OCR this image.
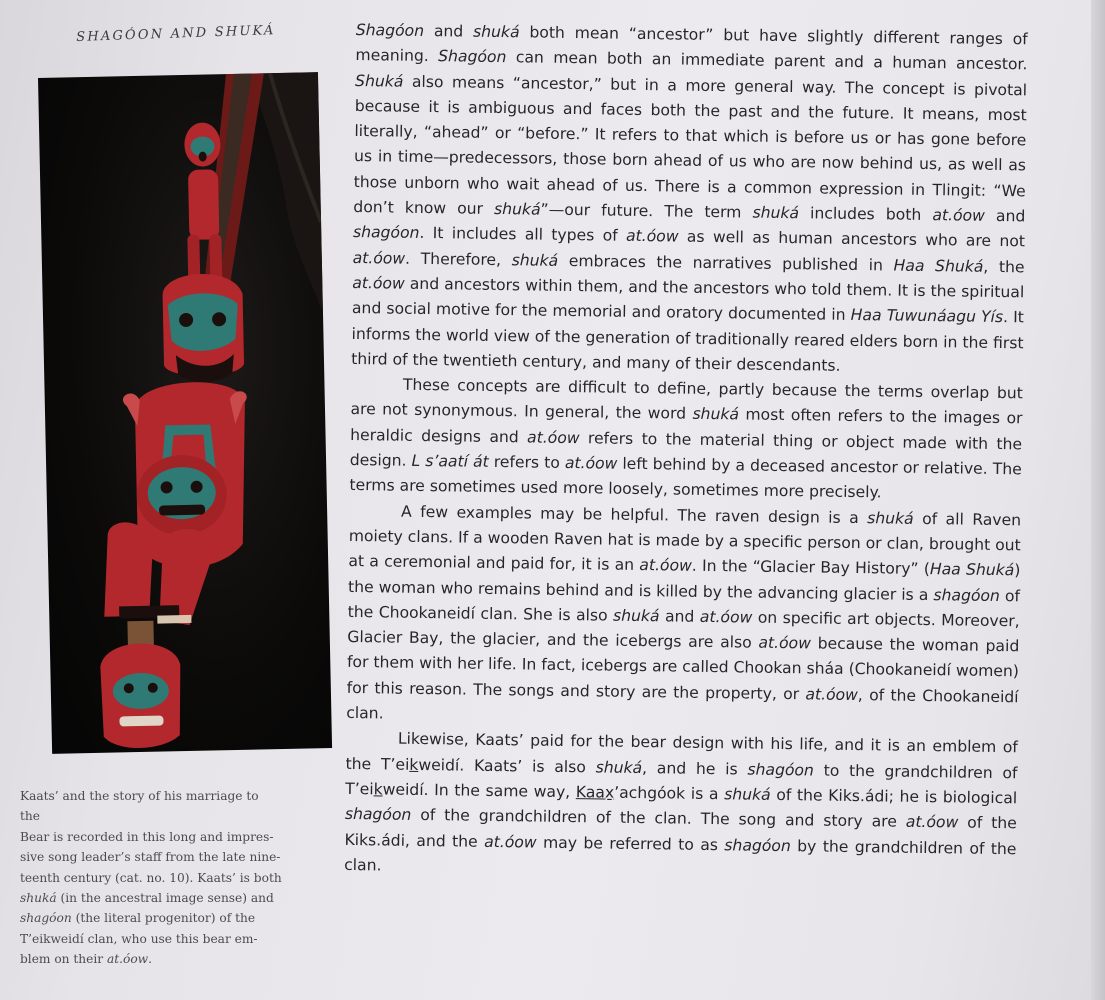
SHAGÓON AND SHUKÁ

Kaats’ and the story of his marriage to the

Bear is recorded in this long and impres-

sive song leader’s staff from the late nine-

teenth century (cat. no. 10). Kaats’ is both

shuká (in the ancestral image sense) and

shagóon (the literal progenitor) of the

T’eikweidí clan, who use this bear em-

blem on their at.óow.

Shagóon and shuká both mean “ancestor” but have slightly different ranges of meaning. Shagóon can mean both an immediate parent and a human ancestor. Shuká also means “ancestor,” but in a more general way. The concept is pivotal because it is ambiguous and faces both the past and the future. It means, most literally, “ahead” or “before.” It refers to that which is before us or has gone before us in time—predecessors, those born ahead of us who are now behind us, as well as those unborn who wait ahead of us. There is a common expression in Tlingit: “We don’t know our shuká”—our future. The term shuká includes both at.óow and shagóon. It includes all types of at.óow as well as human ancestors who are not at.óow. Therefore, shuká embraces the narratives published in Haa Shuká, the at.óow and ancestors within them, and the ancestors who told them. It is the spiritual and social motive for the memorial and oratory documented in Haa Tuwunáagu Yís. It informs the world view of the generation of traditionally reared elders born in the first third of the twentieth century, and many of their descendants.

These concepts are difficult to define, partly because the terms overlap but are not synonymous. In general, the word shuká most often refers to the images or heraldic designs and at.óow refers to the material thing or object made with the design. L s’aatí át refers to at.óow left behind by a deceased ancestor or relative. The terms are sometimes used more loosely, sometimes more precisely.

A few examples may be helpful. The raven design is a shuká of all Raven moiety clans. If a wooden Raven hat is made by a specific person or clan, brought out at a ceremonial and paid for, it is an at.óow. In the “Glacier Bay History” (Haa Shuká) the woman who remains behind and is killed by the advancing glacier is a shagóon of the Chookaneidí clan. She is also shuká and at.óow on specific art objects. Moreover, Glacier Bay, the glacier, and the icebergs are also at.óow because the woman paid for them with her life. In fact, icebergs are called Chookan sháa (Chookaneidí women) for this reason. The songs and story are the property, or at.óow, of the Chookaneidí clan.

Likewise, Kaats’ paid for the bear design with his life, and it is an emblem of the T’eikweidí. Kaats’ is also shuká, and he is shagóon to the grandchildren of T’eikweidí. In the same way, Kaax̱’achgóok is a shuká of the Kiks.ádi; he is biological shagóon of the grandchildren of the clan. The song and story are at.óow of the Kiks.ádi, and the at.óow may be referred to as shagóon by the grandchildren of the clan.
